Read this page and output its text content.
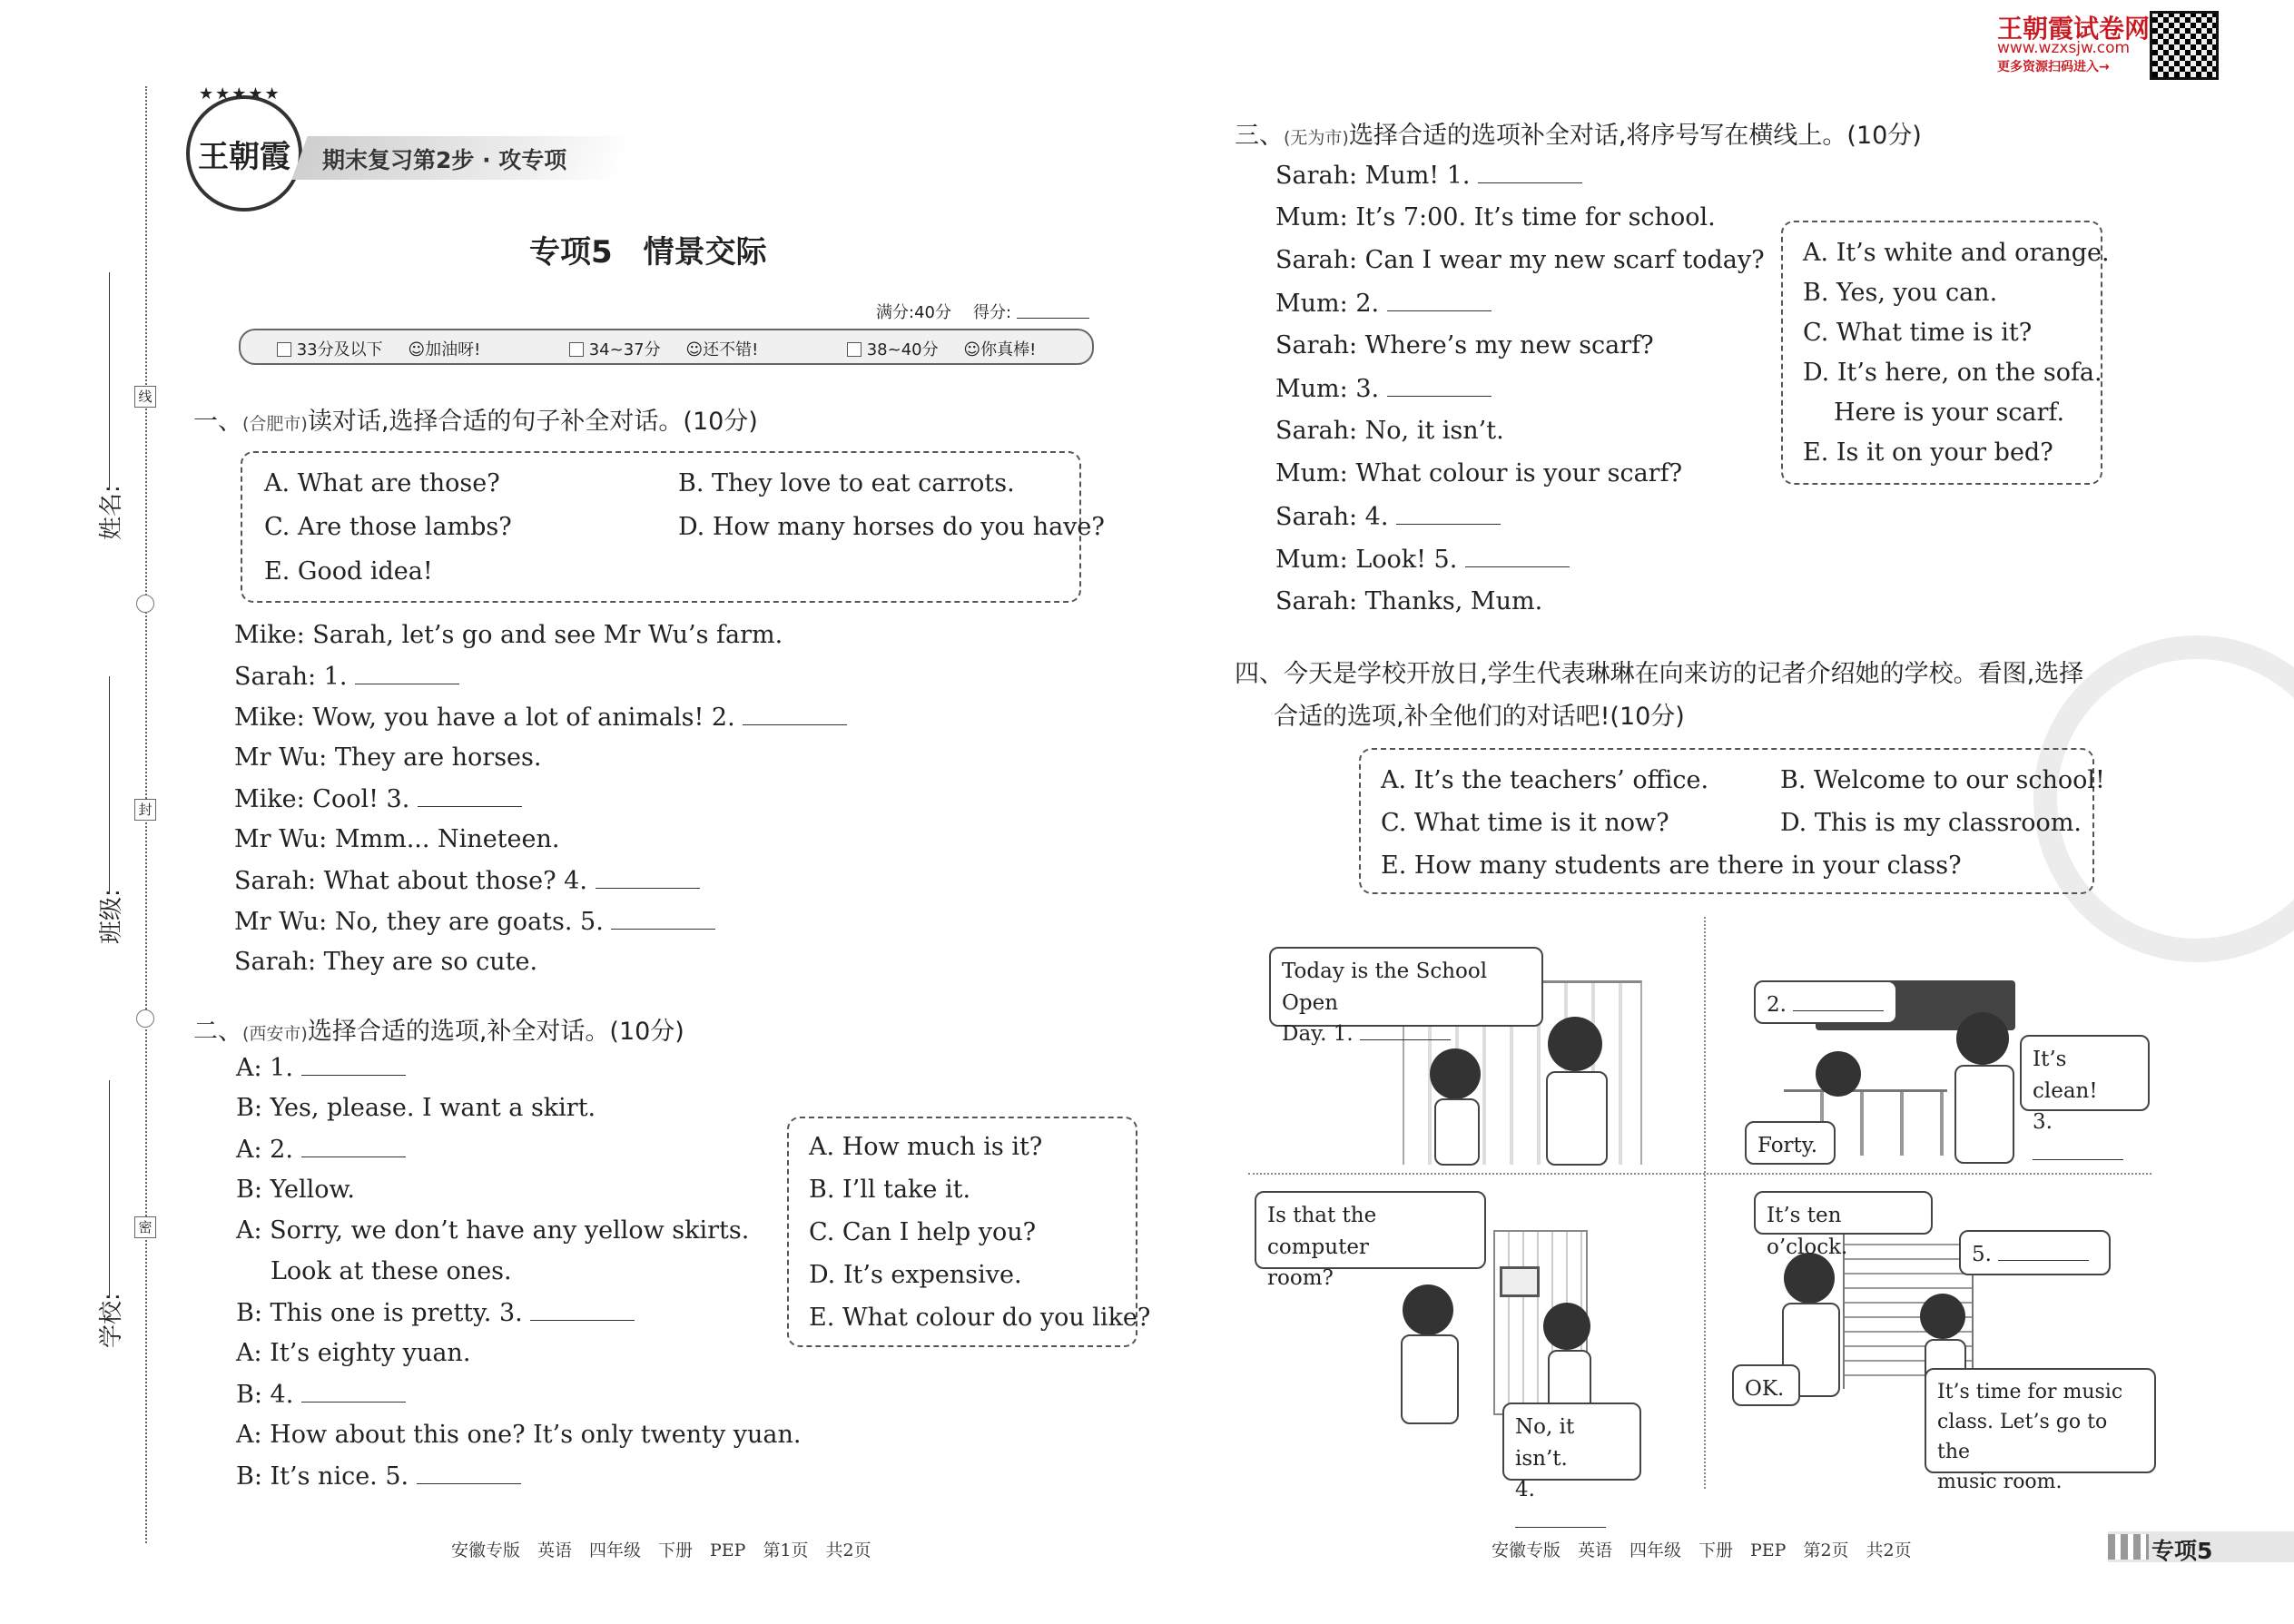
线
封
密
姓名:
班级:
学校:
★★★★★
王朝霞	期末复习第2步 · 攻专项
专项5　情景交际
满分:40分 得分:
33分及以下 ☺加油呀!	34~37分 ☺还不错!	38~40分 ☺你真棒!
一、(合肥市)读对话,选择合适的句子补全对话。(10分)
A. What are those?	B. They love to eat carrots.
C. Are those lambs?	D. How many horses do you have?
E. Good idea!
Mike: Sarah, let’s go and see Mr Wu’s farm.
Sarah: 1.
Mike: Wow, you have a lot of animals! 2.
Mr Wu: They are horses.
Mike: Cool! 3.
Mr Wu: Mmm... Nineteen.
Sarah: What about those? 4.
Mr Wu: No, they are goats. 5.
Sarah: They are so cute.
二、(西安市)选择合适的选项,补全对话。(10分)
A: 1.
B: Yes, please. I want a skirt.
A: 2.
B: Yellow.
A: Sorry, we don’t have any yellow skirts.
Look at these ones.
B: This one is pretty. 3.
A: It’s eighty yuan.
B: 4.
A: How about this one? It’s only twenty yuan.
B: It’s nice. 5.
A. How much is it?
B. I’ll take it.
C. Can I help you?
D. It’s expensive.
E. What colour do you like?
安徽专版　英语　四年级　下册　PEP　第1页　共2页
王朝霞试卷网
www.wzxsjw.com
更多资源扫码进入→
三、(无为市)选择合适的选项补全对话,将序号写在横线上。(10分)
Sarah: Mum! 1.
Mum: It’s 7:00. It’s time for school.
Sarah: Can I wear my new scarf today?
Mum: 2.
Sarah: Where’s my new scarf?
Mum: 3.
Sarah: No, it isn’t.
Mum: What colour is your scarf?
Sarah: 4.
Mum: Look! 5.
Sarah: Thanks, Mum.
A. It’s white and orange.
B. Yes, you can.
C. What time is it?
D. It’s here, on the sofa.
Here is your scarf.
E. Is it on your bed?
四、今天是学校开放日,学生代表琳琳在向来访的记者介绍她的学校。看图,选择
合适的选项,补全他们的对话吧!(10分)
A. It’s the teachers’ office.	B. Welcome to our school!
C. What time is it now?	D. This is my classroom.
E. How many students are there in your class?
Today is the School Open
Day. 1.
2.
It’s clean!
3.
Forty.
Is that the computer
room?
No, it isn’t.
4.
It’s ten o’clock.	5.
OK.	It’s time for music
class. Let’s go to the
music room.
安徽专版　英语　四年级　下册　PEP　第2页　共2页	专项5
